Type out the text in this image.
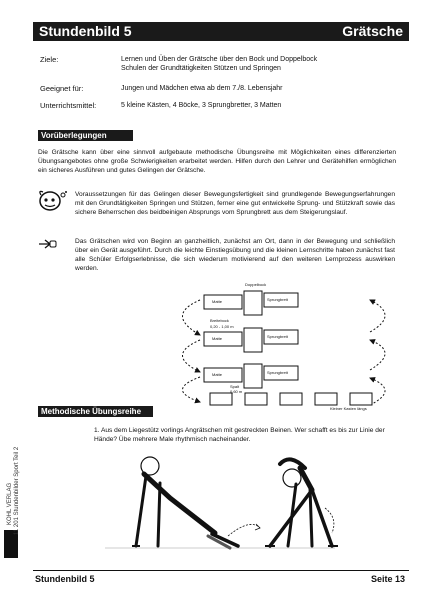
Stundenbild 5	Grätsche
Ziele:	Lernen und Üben der Grätsche über den Bock und Doppelbock
Schulen der Grundtätigkeiten Stützen und Springen
Geeignet für:	Jungen und Mädchen etwa ab dem 7./8. Lebensjahr
Unterrichtsmittel:	5 kleine Kästen, 4 Böcke, 3 Sprungbretter, 3 Matten
Vorüberlegungen
Die Grätsche kann über eine sinnvoll aufgebaute methodische Übungsreihe mit Möglichkeiten eines differenzierten Übungsangebotes ohne große Schwierigkeiten erarbeitet werden. Hilfen durch den Lehrer und Gerätehilfen ermöglichen ein sicheres Ausführen und gutes Gelingen der Grätsche.
Voraussetzungen für das Gelingen dieser Bewegungsfertigkeit sind grundlegende Bewegungserfahrungen mit den Grundtätigkeiten Springen und Stützen, ferner eine gut entwickelte Sprung- und Stützkraft sowie das sichere Beherrschen des beidbeinigen Absprungs vom Sprungbrett aus dem Steigerungslauf.
Das Grätschen wird von Beginn an ganzheitlich, zunächst am Ort, dann in der Bewegung und schließlich über ein Gerät ausgeführt. Durch die leichte Einstiegsübung und die kleinen Lernschritte haben zunächst fast alle Schüler Erfolgserlebnisse, die sich wiederum motivierend auf den weiteren Lernprozess auswirken werden.
Doppelbock
Matte	Sprungbrett
Breitebock
0,20 - 1,00 m
Matte	Sprungbrett
Matte	Sprungbrett
Spalt
0,60 m
Kleiner Kasten längs
Methodische Übungsreihe
1. Aus dem Liegestütz vorlings Angrätschen mit gestreckten Beinen. Wer schafft es bis zur Linie der Hände? Übe mehrere Male rhythmisch nacheinander.
KOHL VERLAG 11 201 Stundenbilder Sport Teil 2
Stundenbild 5	Seite 13
